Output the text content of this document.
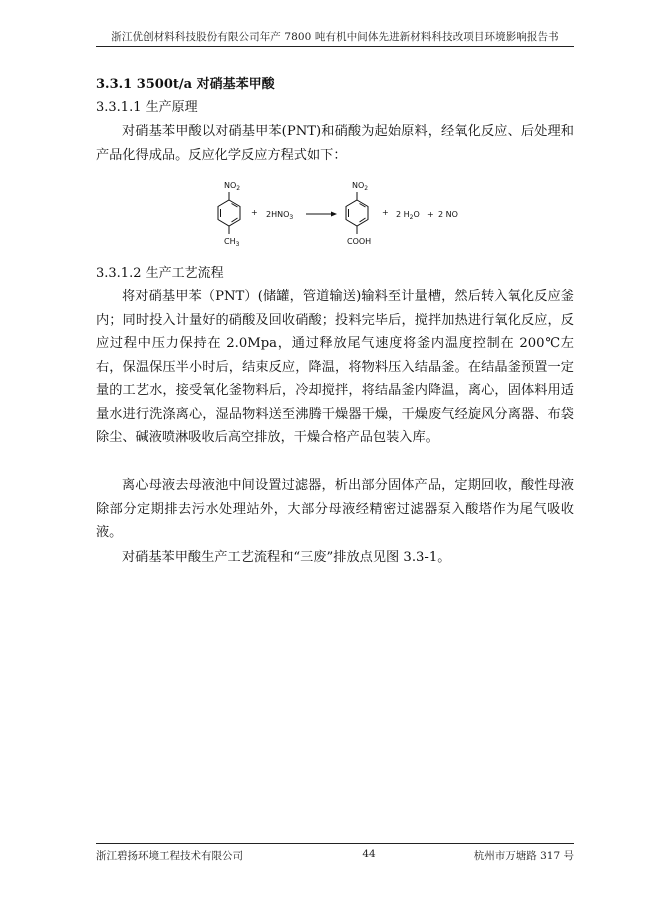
浙江优创材料科技股份有限公司年产 7800 吨有机中间体先进新材料科技改项目环境影响报告书
3.3.1 3500t/a 对硝基苯甲酸
3.3.1.1 生产原理

对硝基苯甲酸以对硝基甲苯(PNT)和硝酸为起始原料，经氧化反应、后处理和产品化得成品。反应化学反应方程式如下：

$NO_2$
$CH_3$
+ $2HNO_3$
$NO_2$
COOH
+ 2 $H_2O + 2$ NO
3.3.1.2 生产工艺流程

将对硝基甲苯（PNT）(储罐，管道输送)输料至计量槽，然后转入氧化反应釜内；同时投入计量好的硝酸及回收硝酸；投料完毕后，搅拌加热进行氧化反应，反应过程中压力保持在 2.0Mpa，通过释放尾气速度将釜内温度控制在 200℃左右，保温保压半小时后，结束反应，降温，将物料压入结晶釜。在结晶釜预置一定量的工艺水，接受氧化釜物料后，冷却搅拌，将结晶釜内降温，离心，固体料用适量水进行洗涤离心，湿品物料送至沸腾干燥器干燥，干燥废气经旋风分离器、布袋除尘、碱液喷淋吸收后高空排放，干燥合格产品包装入库。

离心母液去母液池中间设置过滤器，析出部分固体产品，定期回收，酸性母液除部分定期排去污水处理站外，大部分母液经精密过滤器泵入酸塔作为尾气吸收液。

对硝基苯甲酸生产工艺流程和“三废”排放点见图 3.3-1。

浙江碧扬环境工程技术有限公司	44	杭州市万塘路 317 号
